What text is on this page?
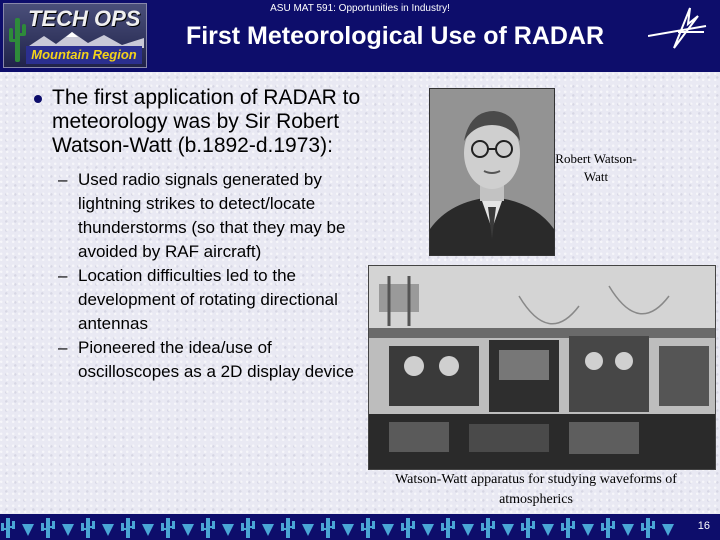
TECH OPS
Mountain Region
ASU MAT 591: Opportunities in Industry!
First Meteorological Use of RADAR
The first application of RADAR to meteorology was by Sir Robert Watson-Watt (b.1892-d.1973):
– Used radio signals generated by lightning strikes to detect/locate thunderstorms (so that they may be avoided by RAF aircraft)
– Location difficulties led to the development of rotating directional antennas
– Pioneered the idea/use of oscilloscopes as a 2D display device
Robert Watson-Watt
Watson-Watt apparatus for studying waveforms of atmospherics
16
